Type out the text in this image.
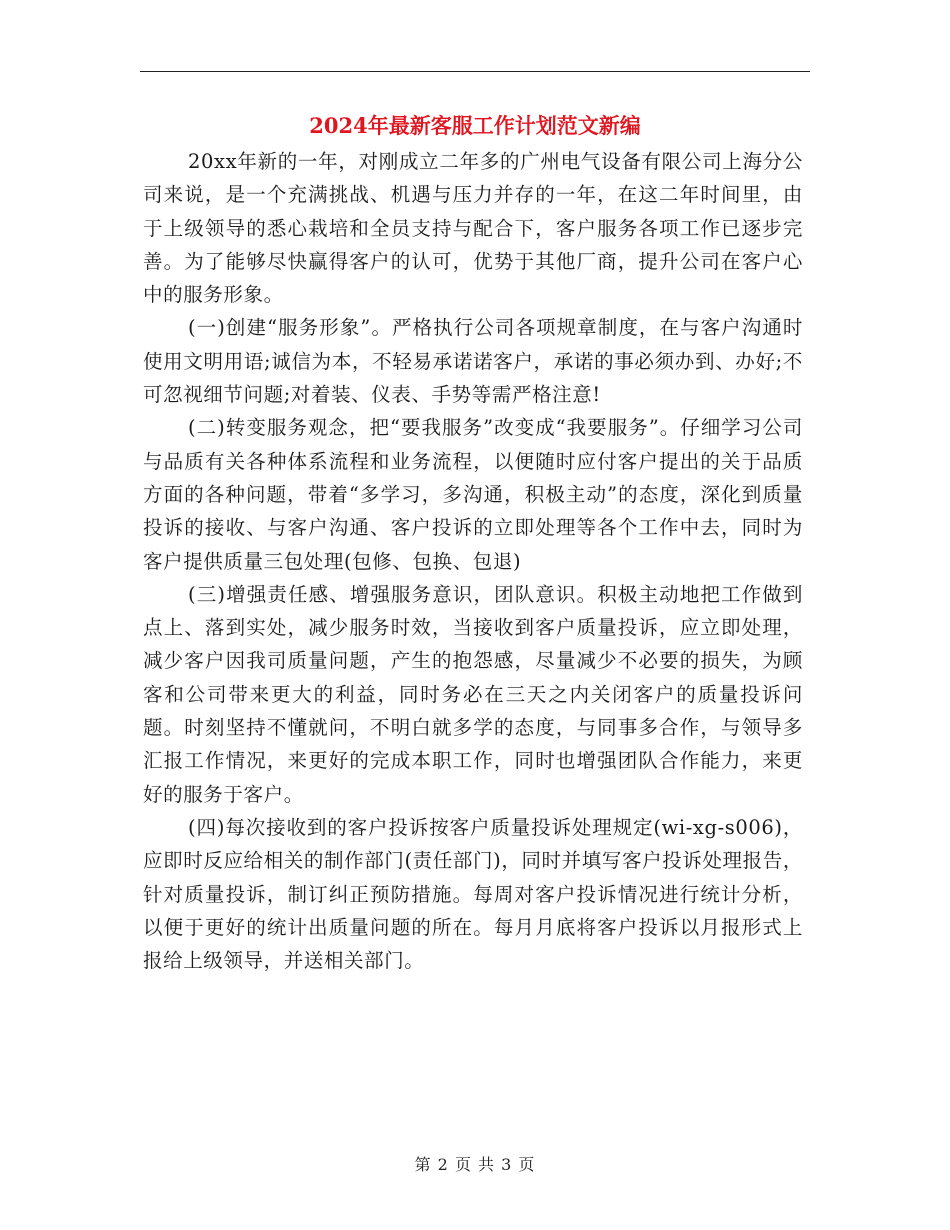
2024年最新客服工作计划范文新编

20xx年新的一年，对刚成立二年多的广州电气设备有限公司上海分公司来说，是一个充满挑战、机遇与压力并存的一年，在这二年时间里，由于上级领导的悉心栽培和全员支持与配合下，客户服务各项工作已逐步完善。为了能够尽快赢得客户的认可，优势于其他厂商，提升公司在客户心中的服务形象。

(一)创建“服务形象”。严格执行公司各项规章制度，在与客户沟通时使用文明用语;诚信为本，不轻易承诺诺客户，承诺的事必须办到、办好;不可忽视细节问题;对着装、仪表、手势等需严格注意!

(二)转变服务观念，把“要我服务”改变成“我要服务”。仔细学习公司与品质有关各种体系流程和业务流程，以便随时应付客户提出的关于品质方面的各种问题，带着“多学习，多沟通，积极主动”的态度，深化到质量投诉的接收、与客户沟通、客户投诉的立即处理等各个工作中去，同时为客户提供质量三包处理(包修、包换、包退)

(三)增强责任感、增强服务意识，团队意识。积极主动地把工作做到点上、落到实处，减少服务时效，当接收到客户质量投诉，应立即处理，减少客户因我司质量问题，产生的抱怨感，尽量减少不必要的损失，为顾客和公司带来更大的利益，同时务必在三天之内关闭客户的质量投诉问题。时刻坚持不懂就问，不明白就多学的态度，与同事多合作，与领导多汇报工作情况，来更好的完成本职工作，同时也增强团队合作能力，来更好的服务于客户。

(四)每次接收到的客户投诉按客户质量投诉处理规定(wi-xg-s006)，应即时反应给相关的制作部门(责任部门)，同时并填写客户投诉处理报告，针对质量投诉，制订纠正预防措施。每周对客户投诉情况进行统计分析，以便于更好的统计出质量问题的所在。每月月底将客户投诉以月报形式上报给上级领导，并送相关部门。

第 2 页 共 3 页
